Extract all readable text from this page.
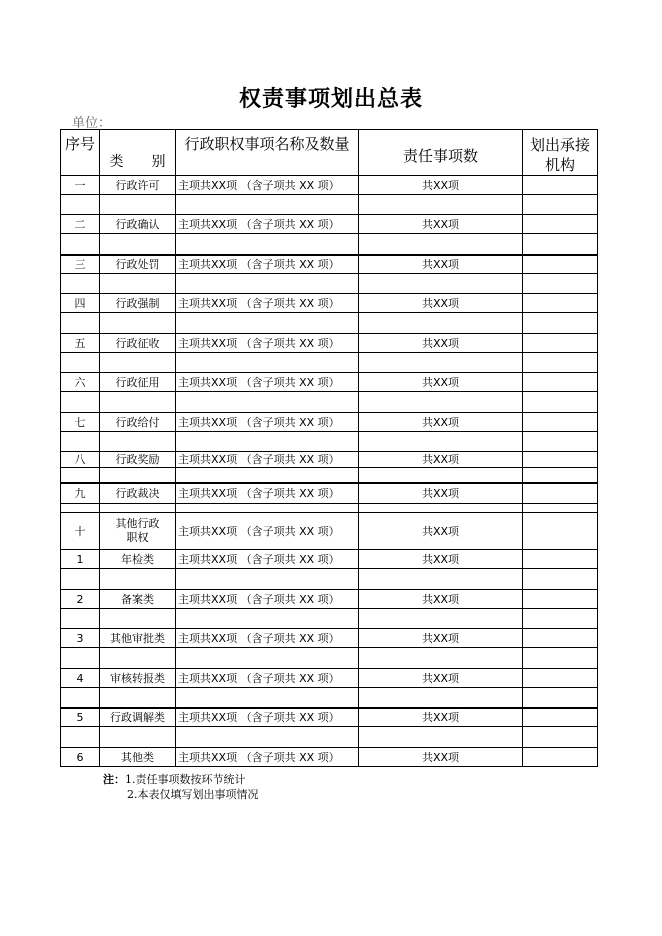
权责事项划出总表
单位：
序号	类　　别	行政职权事项名称及数量	责任事项数	划出承接机构
一	行政许可	主项共XX项 （含子项共 XX 项）	共XX项	

二	行政确认	主项共XX项 （含子项共 XX 项）	共XX项	

三	行政处罚	主项共XX项 （含子项共 XX 项）	共XX项	

四	行政强制	主项共XX项 （含子项共 XX 项）	共XX项	

五	行政征收	主项共XX项 （含子项共 XX 项）	共XX项	

六	行政征用	主项共XX项 （含子项共 XX 项）	共XX项	

七	行政给付	主项共XX项 （含子项共 XX 项）	共XX项	

八	行政奖励	主项共XX项 （含子项共 XX 项）	共XX项	

九	行政裁决	主项共XX项 （含子项共 XX 项）	共XX项	

十	其他行政职权	主项共XX项 （含子项共 XX 项）	共XX项	
1	年检类	主项共XX项 （含子项共 XX 项）	共XX项	

2	备案类	主项共XX项 （含子项共 XX 项）	共XX项	

3	其他审批类	主项共XX项 （含子项共 XX 项）	共XX项	

4	审核转报类	主项共XX项 （含子项共 XX 项）	共XX项	

5	行政调解类	主项共XX项 （含子项共 XX 项）	共XX项	

6	其他类	主项共XX项 （含子项共 XX 项）	共XX项	
注：1.责任事项数按环节统计
2.本表仅填写划出事项情况
